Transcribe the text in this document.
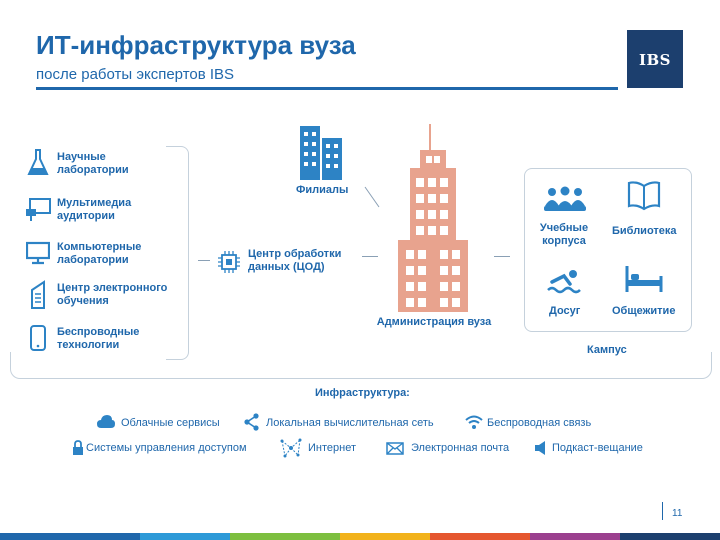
ИТ-инфраструктура вуза
после работы экспертов IBS
IBS
Научные
лаборатории
Мультимедиа
аудитории
Компьютерные
лаборатории
Центр электронного
обучения
Беспроводные
технологии
Центр обработки
данных (ЦОД)
Филиалы
Администрация вуза
Кампус
Учебные корпуса
Библиотека
Досуг	Общежитие
Инфраструктура:
Облачные сервисы	Локальная вычислительная сеть	Беспроводная связь
Системы управления доступом	Интернет	Электронная почта	Подкаст-вещание
11
